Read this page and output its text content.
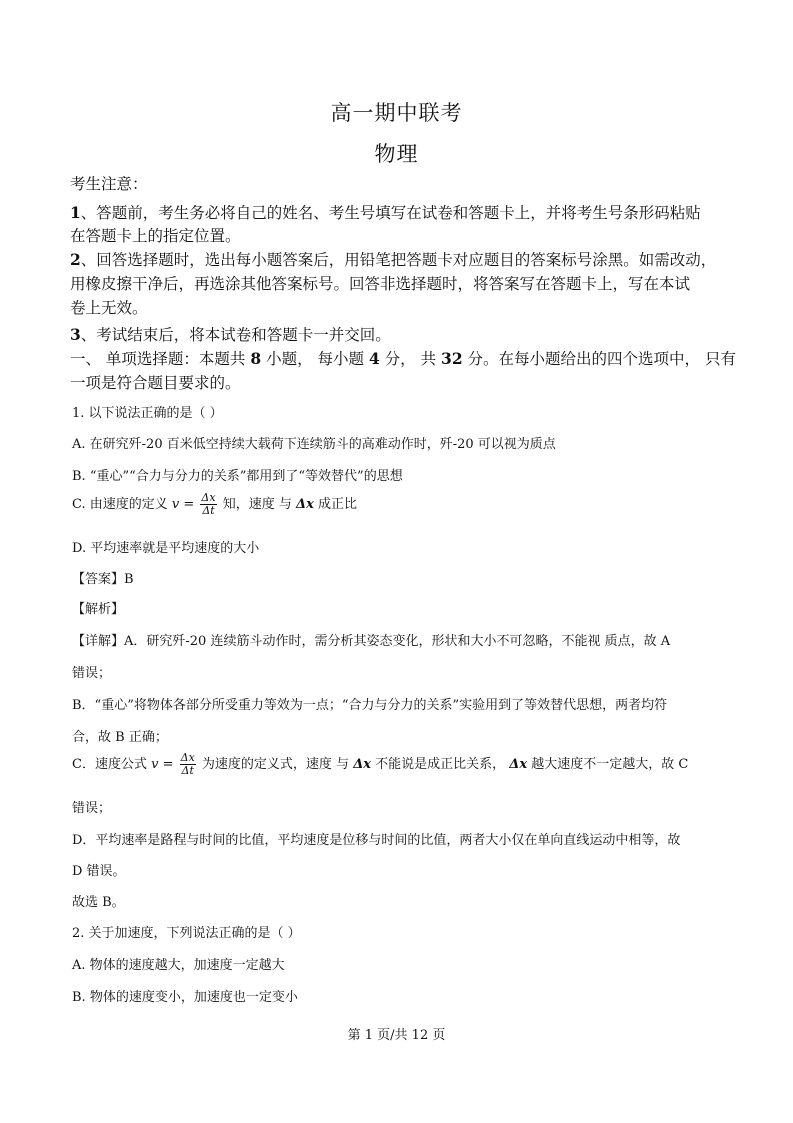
高一期中联考
物理
考生注意：
1、答题前，考生务必将自己的姓名、考生号填写在试卷和答题卡上，并将考生号条形码粘贴
在答题卡上的指定位置。
2、回答选择题时，选出每小题答案后，用铅笔把答题卡对应题目的答案标号涂黑。如需改动，
用橡皮擦干净后，再选涂其他答案标号。回答非选择题时，将答案写在答题卡上，写在本试
卷上无效。
3、考试结束后，将本试卷和答题卡一并交回。
一、 单项选择题：本题共 8 小题， 每小题 4 分， 共 32 分。在每小题给出的四个选项中， 只有
一项是符合题目要求的。
1. 以下说法正确的是（ ）
A. 在研究歼-20 百米低空持续大载荷下连续筋斗的高难动作时，歼-20 可以视为质点
B. “重心”“合力与分力的关系”都用到了“等效替代”的思想
C. 由速度的定义 $v = \frac{\Delta x}{\Delta t}$ 知，速度 与 Δx 成正比
D. 平均速率就是平均速度的大小
【答案】B
【解析】
【详解】A．研究歼-20 连续筋斗动作时，需分析其姿态变化，形状和大小不可忽略，不能视 质点，故 A
错误；
B．“重心”将物体各部分所受重力等效为一点；“合力与分力的关系”实验用到了等效替代思想，两者均符
合，故 B 正确；
C．速度公式 $v = \frac{\Delta x}{\Delta t}$ 为速度的定义式，速度 与 Δx 不能说是成正比关系， Δx 越大速度不一定越大，故 C
错误；
D．平均速率是路程与时间的比值，平均速度是位移与时间的比值，两者大小仅在单向直线运动中相等，故
D 错误。
故选 B。
2. 关于加速度，下列说法正确的是（ ）
A. 物体的速度越大，加速度一定越大
B. 物体的速度变小，加速度也一定变小
第 1 页/共 12 页
